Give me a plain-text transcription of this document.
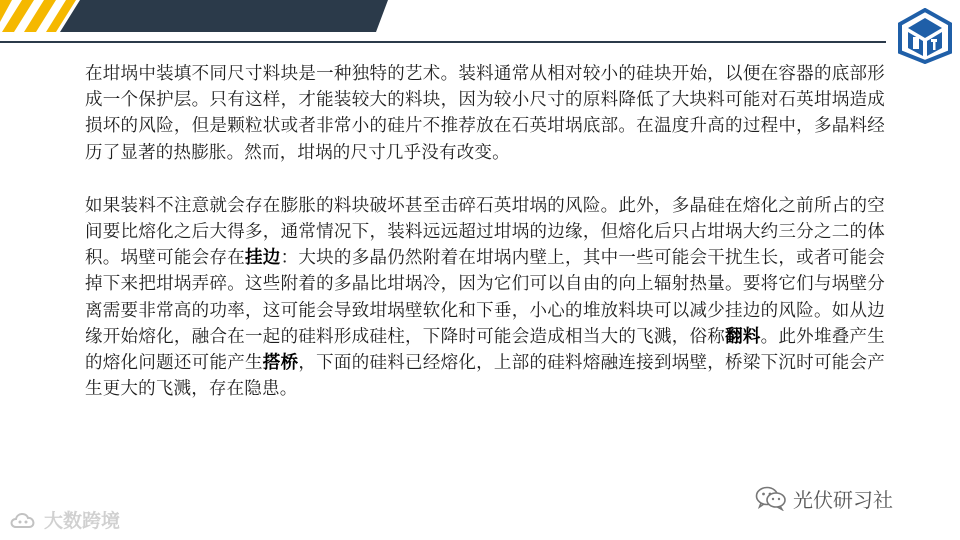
在坩埚中装填不同尺寸料块是一种独特的艺术。装料通常从相对较小的硅块开始，以便在容器的底部形成一个保护层。只有这样，才能装较大的料块，因为较小尺寸的原料降低了大块料可能对石英坩埚造成损坏的风险，但是颗粒状或者非常小的硅片不推荐放在石英坩埚底部。在温度升高的过程中，多晶料经历了显著的热膨胀。然而，坩埚的尺寸几乎没有改变。

如果装料不注意就会存在膨胀的料块破坏甚至击碎石英坩埚的风险。此外，多晶硅在熔化之前所占的空间要比熔化之后大得多，通常情况下，装料远远超过坩埚的边缘，但熔化后只占坩埚大约三分之二的体积。埚壁可能会存在挂边：大块的多晶仍然附着在坩埚内壁上，其中一些可能会干扰生长，或者可能会掉下来把坩埚弄碎。这些附着的多晶比坩埚冷，因为它们可以自由的向上辐射热量。要将它们与埚壁分离需要非常高的功率，这可能会导致坩埚壁软化和下垂，小心的堆放料块可以减少挂边的风险。如从边缘开始熔化，融合在一起的硅料形成硅柱，下降时可能会造成相当大的飞溅，俗称翻料。此外堆叠产生的熔化问题还可能产生搭桥，下面的硅料已经熔化，上部的硅料熔融连接到埚壁，桥梁下沉时可能会产生更大的飞溅，存在隐患。

光伏研习社
大数跨境
